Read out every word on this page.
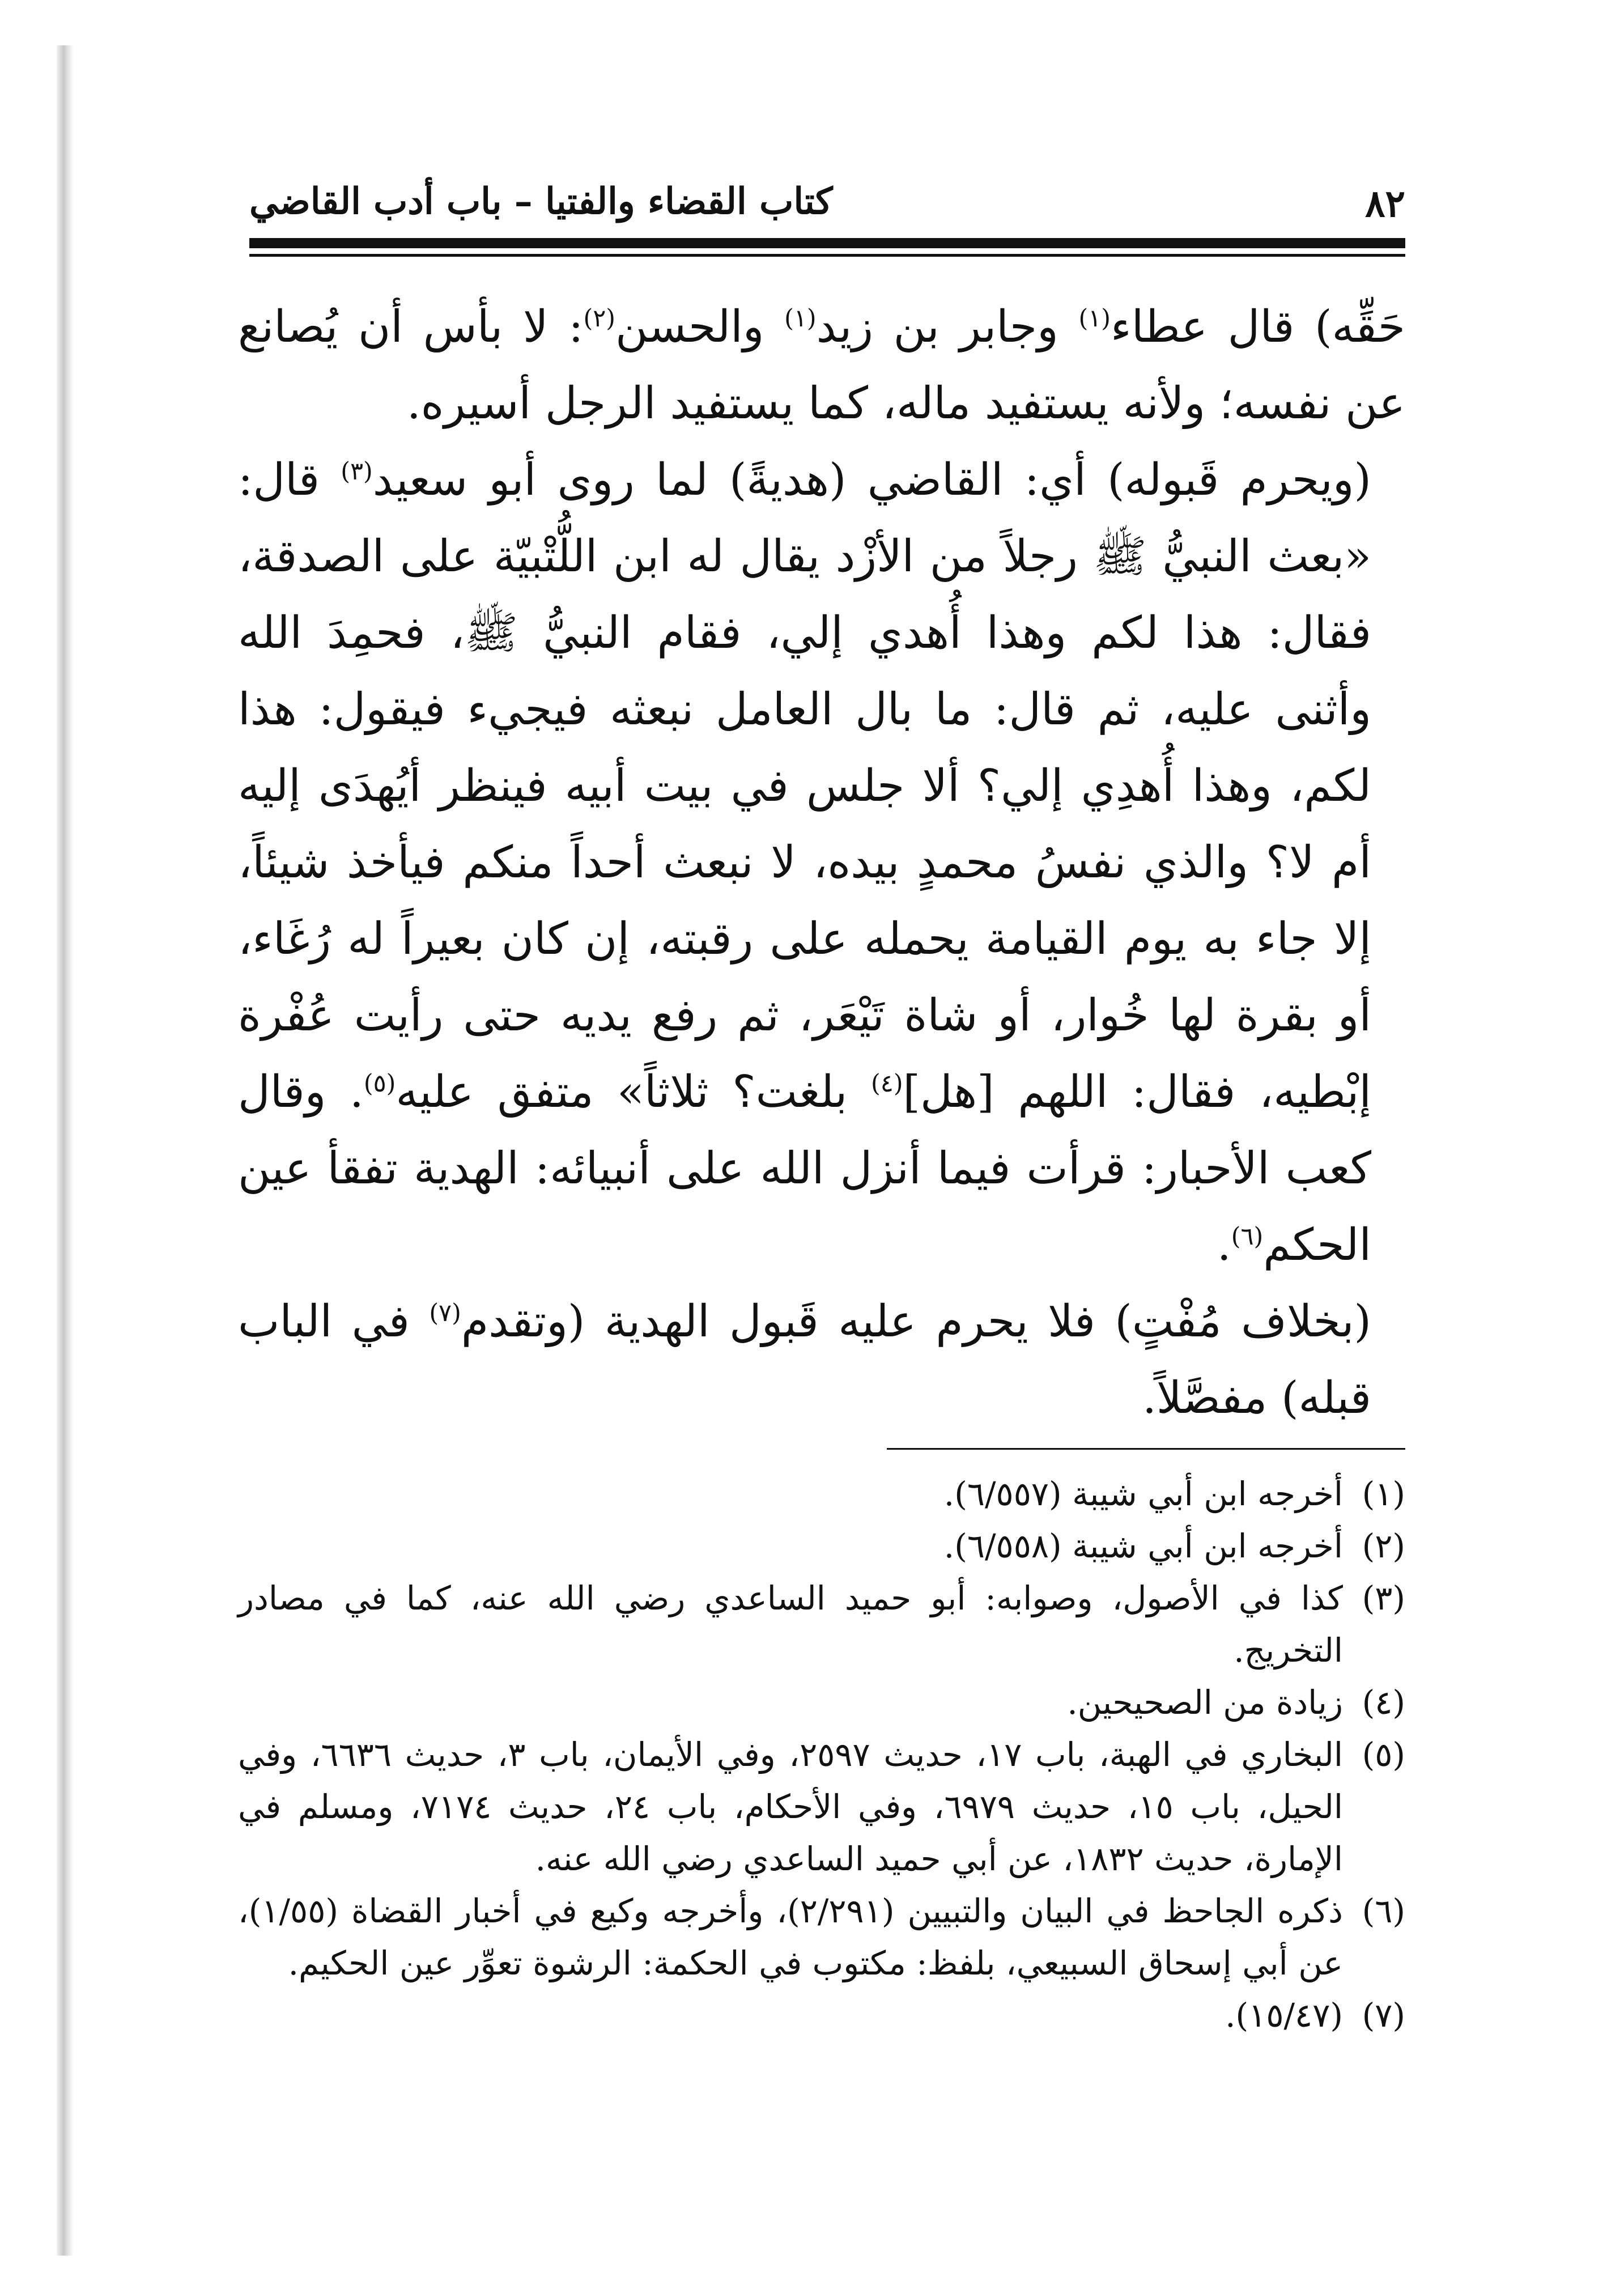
٨٢
كتاب القضاء والفتيا – باب أدب القاضي

حَقِّه) قال عطاء$^{(١)}$ وجابر بن زيد$^{(١)}$ والحسن$^{(٢)}$: لا بأس أن يُصانع عن نفسه؛ ولأنه يستفيد ماله، كما يستفيد الرجل أسيره.

(ويحرم قَبوله) أي: القاضي (هديةً) لما روى أبو سعيد$^{(٣)}$ قال: «بعث النبيُّ ﷺ رجلاً من الأزْد يقال له ابن اللُّتْبيّة على الصدقة، فقال: هذا لكم وهذا أُهدي إلي، فقام النبيُّ ﷺ، فحمِدَ الله وأثنى عليه، ثم قال: ما بال العامل نبعثه فيجيء فيقول: هذا لكم، وهذا أُهدِي إلي؟ ألا جلس في بيت أبيه فينظر أيُهدَى إليه أم لا؟ والذي نفسُ محمدٍ بيده، لا نبعث أحداً منكم فيأخذ شيئاً، إلا جاء به يوم القيامة يحمله على رقبته، إن كان بعيراً له رُغَاء، أو بقرة لها خُوار، أو شاة تَيْعَر، ثم رفع يديه حتى رأيت عُفْرة إبْطيه، فقال: اللهم [هل]$^{(٤)}$ بلغت؟ ثلاثاً» متفق عليه$^{(٥)}$. وقال كعب الأحبار: قرأت فيما أنزل الله على أنبيائه: الهدية تفقأ عين الحكم$^{(٦)}$.

(بخلاف مُفْتٍ) فلا يحرم عليه قَبول الهدية (وتقدم$^{(٧)}$ في الباب قبله) مفصَّلاً.

(١)
أخرجه ابن أبي شيبة (٦/٥٥٧).
(٢)
أخرجه ابن أبي شيبة (٦/٥٥٨).
(٣)
كذا في الأصول، وصوابه: أبو حميد الساعدي رضي الله عنه، كما في مصادر التخريج.
(٤)
زيادة من الصحيحين.
(٥)
البخاري في الهبة، باب ١٧، حديث ٢٥٩٧، وفي الأيمان، باب ٣، حديث ٦٦٣٦، وفي الحيل، باب ١٥، حديث ٦٩٧٩، وفي الأحكام، باب ٢٤، حديث ٧١٧٤، ومسلم في الإمارة، حديث ١٨٣٢، عن أبي حميد الساعدي رضي الله عنه.
(٦)
ذكره الجاحظ في البيان والتبيين (٢/٢٩١)، وأخرجه وكيع في أخبار القضاة (١/٥٥)، عن أبي إسحاق السبيعي، بلفظ: مكتوب في الحكمة: الرشوة تعوِّر عين الحكيم.
(٧)
(١٥/٤٧).
